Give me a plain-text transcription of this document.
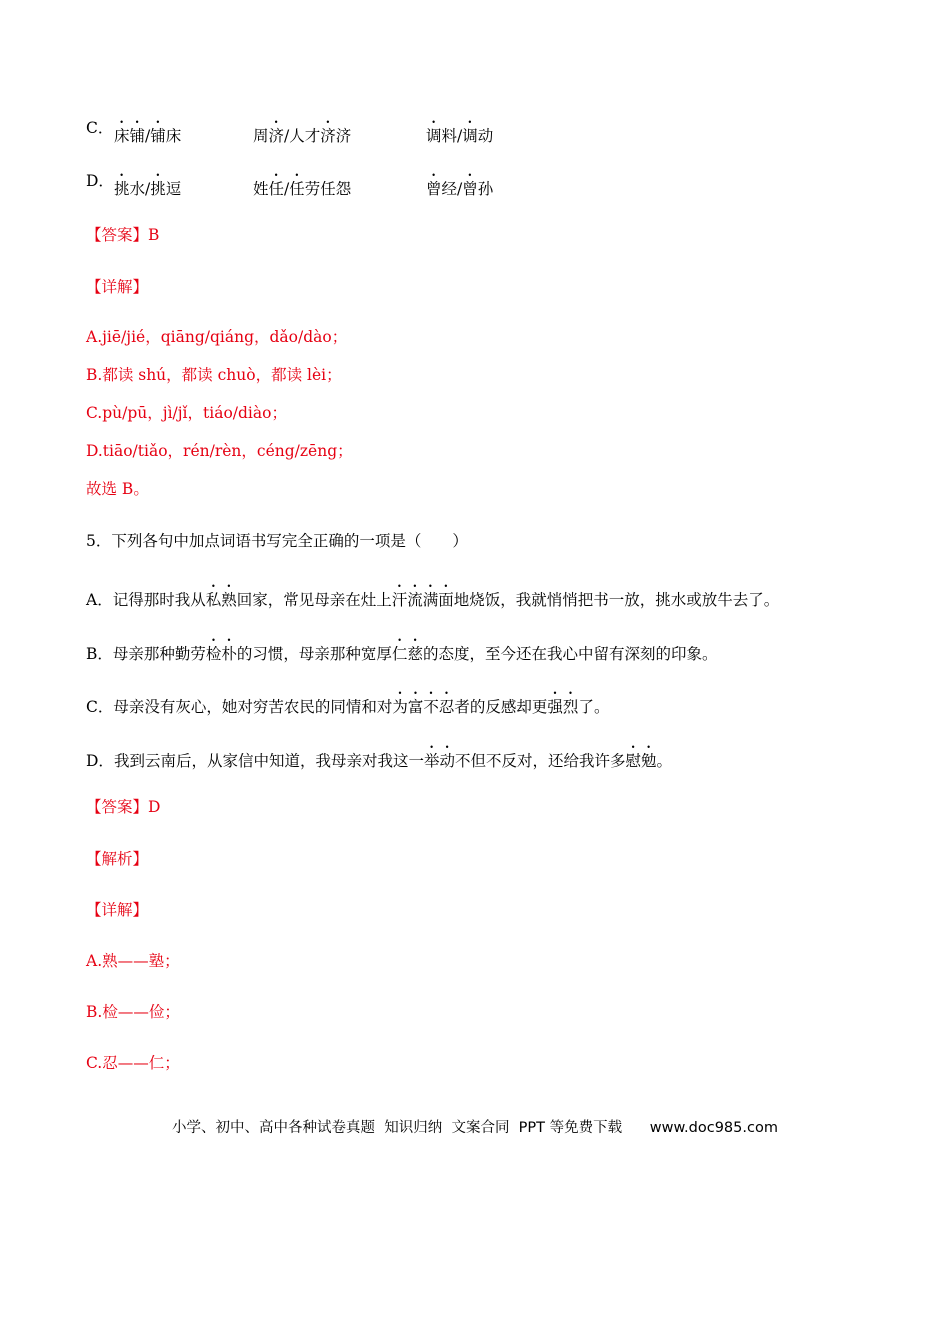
C． 床铺/铺床	周济/人才济济	调料/调动
D． 挑水/挑逗	姓任/任劳任怨	曾经/曾孙
【答案】B
【详解】
A.jiē/jié，qiāng/qiáng，dǎo/dào；
B.都读 shú，都读 chuò，都读 lèi；
C.pù/pū，jì/jǐ，tiáo/diào；
D.tiāo/tiǎo，rén/rèn，céng/zēng；
故选 B。
5．下列各句中加点词语书写完全正确的一项是（　　）
A．记得那时我从私熟回家，常见母亲在灶上汗流满面地烧饭，我就悄悄把书一放，挑水或放牛去了。
B．母亲那种勤劳检朴的习惯，母亲那种宽厚仁慈的态度，至今还在我心中留有深刻的印象。
C．母亲没有灰心，她对穷苦农民的同情和对为富不忍者的反感却更强烈了。
D．我到云南后，从家信中知道，我母亲对我这一举动不但不反对，还给我许多慰勉。
【答案】D
【解析】
【详解】
A.熟——塾；
B.检——俭；
C.忍——仁；
小学、初中、高中各种试卷真题  知识归纳  文案合同  PPT 等免费下载 www.doc985.com
